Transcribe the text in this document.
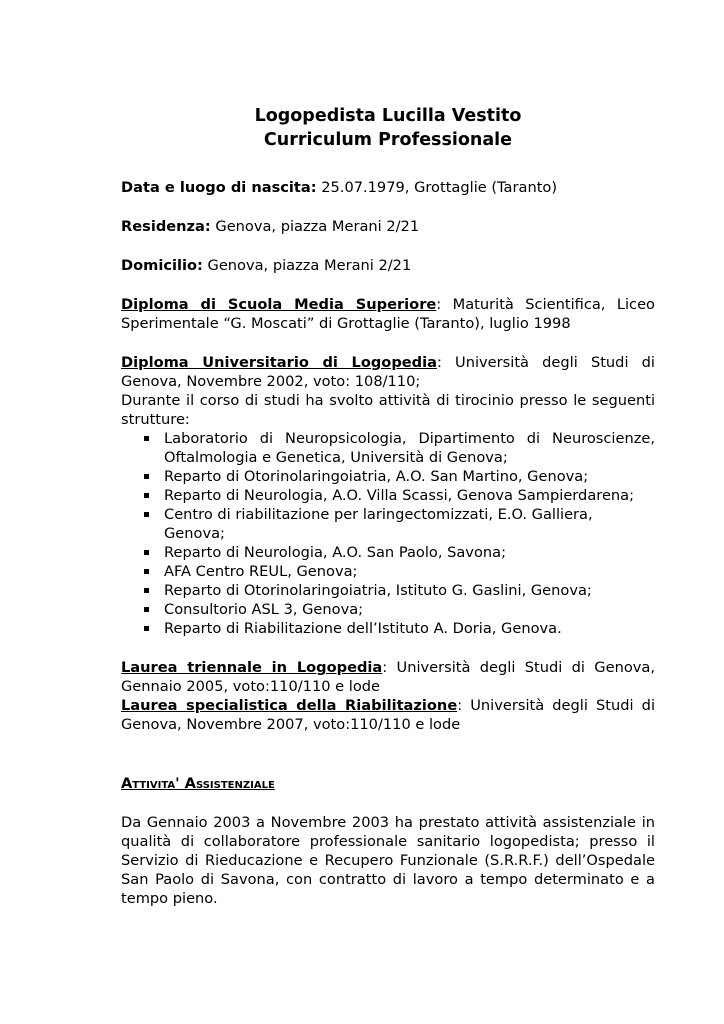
Logopedista Lucilla Vestito

Curriculum Professionale

Data e luogo di nascita: 25.07.1979, Grottaglie (Taranto)

Residenza: Genova, piazza Merani 2/21

Domicilio: Genova, piazza Merani 2/21

Diploma di Scuola Media Superiore: Maturità Scientifica, Liceo Sperimentale “G. Moscati” di Grottaglie (Taranto), luglio 1998

Diploma Universitario di Logopedia: Università degli Studi di Genova, Novembre 2002, voto: 108/110;

Durante il corso di studi ha svolto attività di tirocinio presso le seguenti strutture:

Laboratorio di Neuropsicologia, Dipartimento di Neuroscienze, Oftalmologia e Genetica, Università di Genova;
Reparto di Otorinolaringoiatria, A.O. San Martino, Genova;
Reparto di Neurologia, A.O. Villa Scassi, Genova Sampierdarena;
Centro di riabilitazione per laringectomizzati, E.O. Galliera, Genova;
Reparto di Neurologia, A.O. San Paolo, Savona;
AFA Centro REUL, Genova;
Reparto di Otorinolaringoiatria, Istituto G. Gaslini, Genova;
Consultorio ASL 3, Genova;
Reparto di Riabilitazione dell’Istituto A. Doria, Genova.

Laurea triennale in Logopedia: Università degli Studi di Genova, Gennaio 2005, voto:110/110 e lode

Laurea specialistica della Riabilitazione: Università degli Studi di Genova, Novembre 2007, voto:110/110 e lode

Attivita' Assistenziale

Da Gennaio 2003 a Novembre 2003 ha prestato attività assistenziale in qualità di collaboratore professionale sanitario logopedista; presso il Servizio di Rieducazione e Recupero Funzionale (S.R.R.F.) dell’Ospedale San Paolo di Savona, con contratto di lavoro a tempo determinato e a tempo pieno.
